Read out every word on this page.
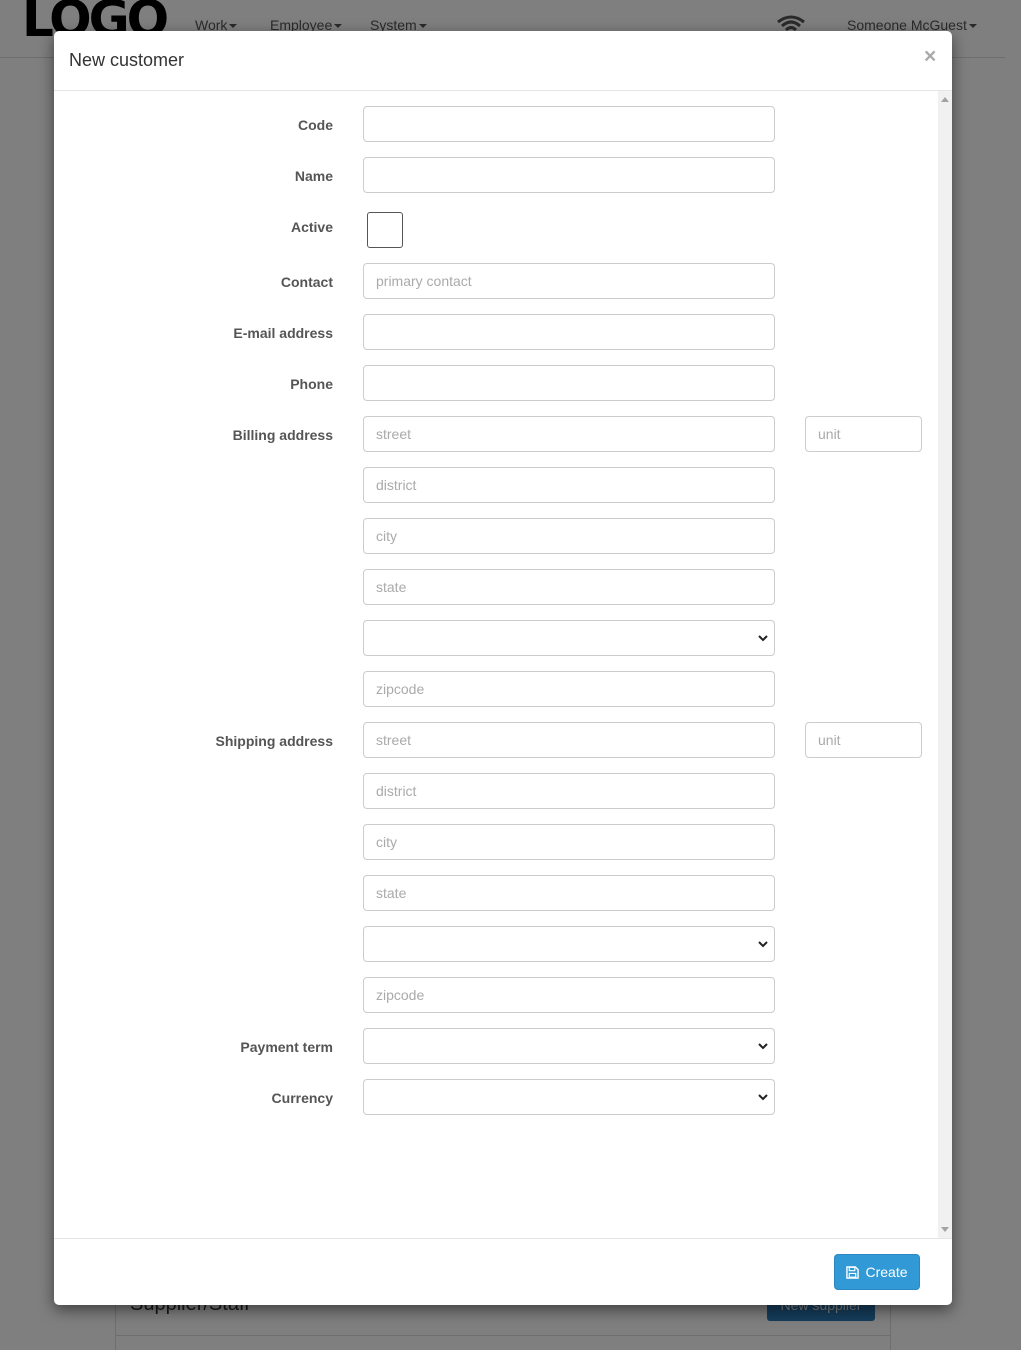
New customer	×
Code
Name
Active
Contact
primary contact
E-mail address
Phone
Billing address
street
unit
district
city
state
zipcode
Shipping address
street
unit
district
city
state
zipcode
Payment term
Currency
Create
